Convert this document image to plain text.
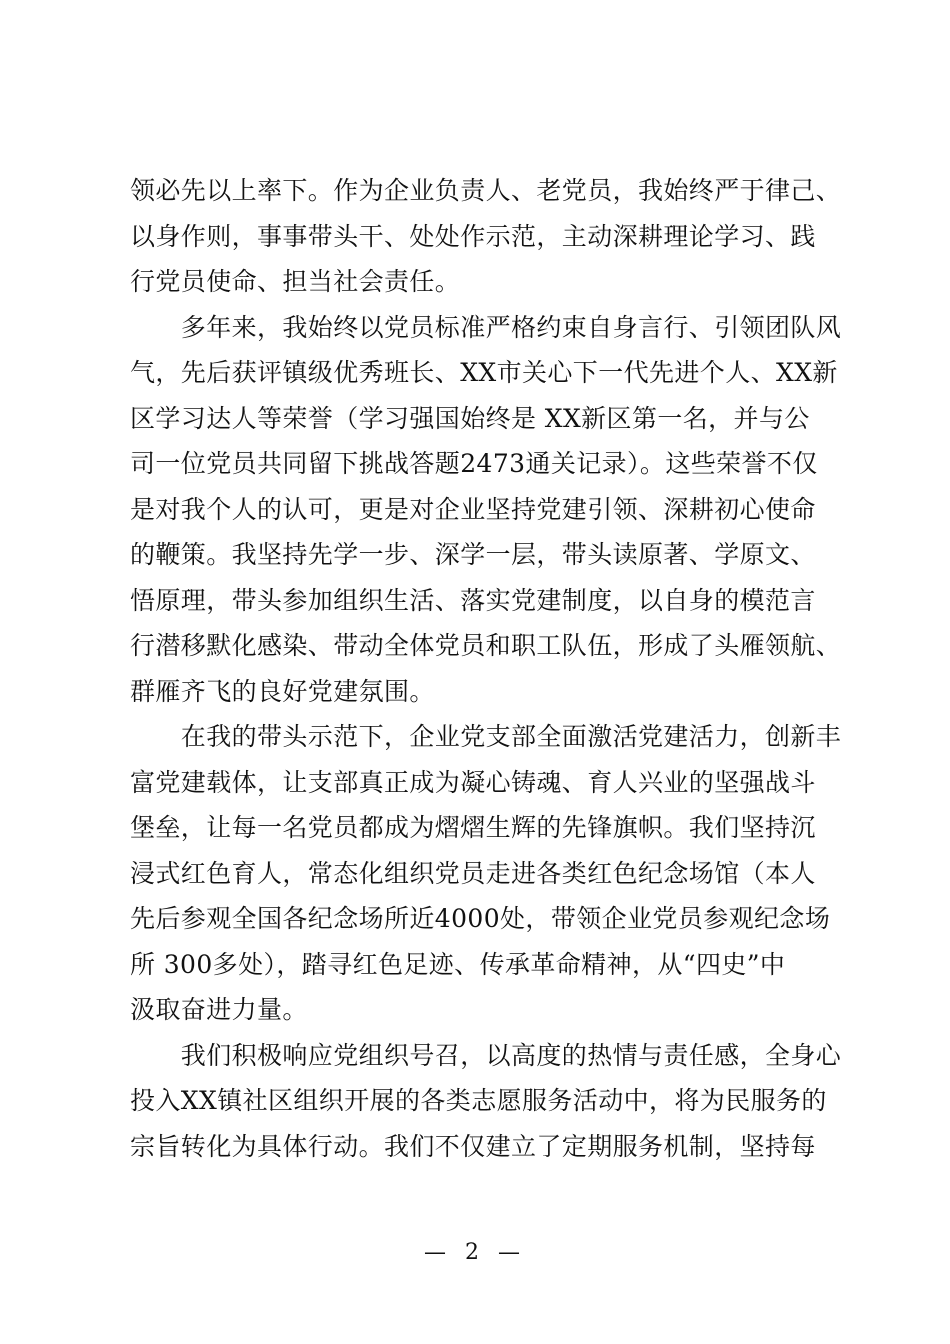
领必先以上率下。作为企业负责人、老党员，我始终严于律己、
以身作则，事事带头干、处处作示范，主动深耕理论学习、践
行党员使命、担当社会责任。
　　多年来，我始终以党员标准严格约束自身言行、引领团队风
气，先后获评镇级优秀班长、XX市关心下一代先进个人、XX新
区学习达人等荣誉（学习强国始终是 XX新区第一名，并与公
司一位党员共同留下挑战答题2473通关记录）。这些荣誉不仅
是对我个人的认可，更是对企业坚持党建引领、深耕初心使命
的鞭策。我坚持先学一步、深学一层，带头读原著、学原文、
悟原理，带头参加组织生活、落实党建制度，以自身的模范言
行潜移默化感染、带动全体党员和职工队伍，形成了头雁领航、
群雁齐飞的良好党建氛围。
　　在我的带头示范下，企业党支部全面激活党建活力，创新丰
富党建载体，让支部真正成为凝心铸魂、育人兴业的坚强战斗
堡垒，让每一名党员都成为熠熠生辉的先锋旗帜。我们坚持沉
浸式红色育人，常态化组织党员走进各类红色纪念场馆（本人
先后参观全国各纪念场所近4000处，带领企业党员参观纪念场
所 300多处），踏寻红色足迹、传承革命精神，从“四史”中
汲取奋进力量。
　　我们积极响应党组织号召，以高度的热情与责任感，全身心
投入XX镇社区组织开展的各类志愿服务活动中，将为民服务的
宗旨转化为具体行动。我们不仅建立了定期服务机制，坚持每
— 2 —
